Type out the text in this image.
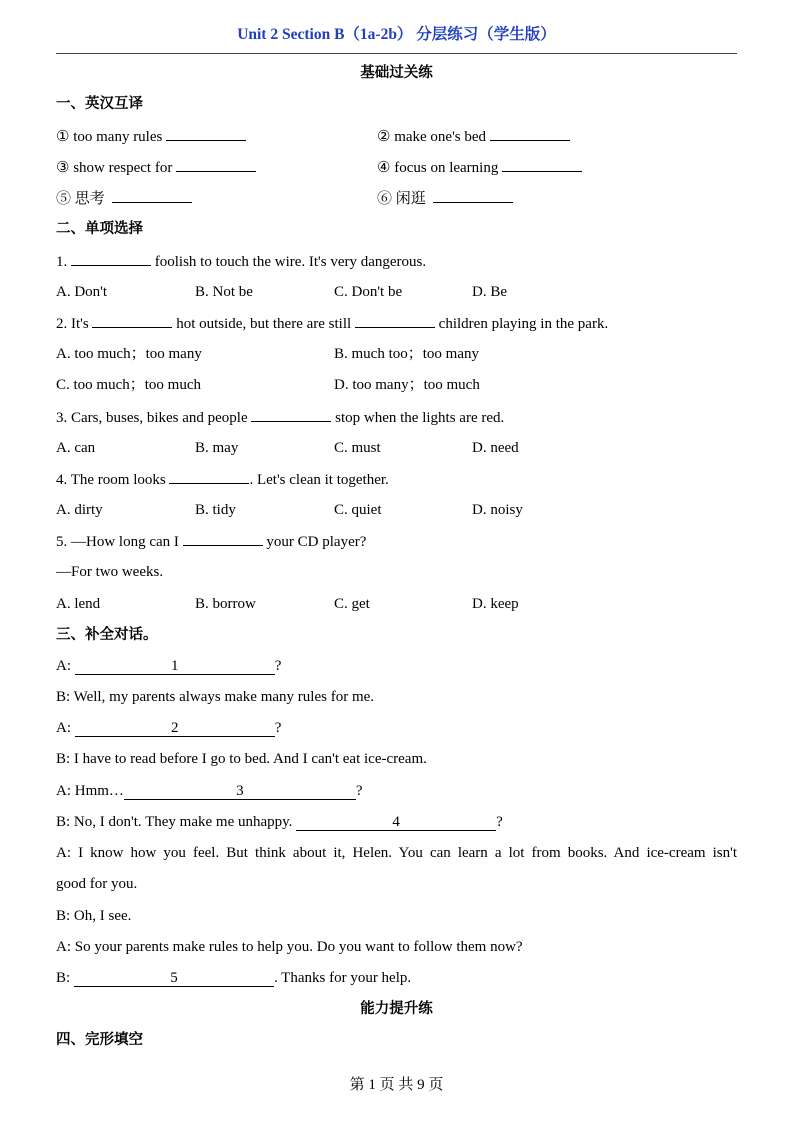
Unit 2 Section B（1a-2b） 分层练习（学生版）
基础过关练
一、英汉互译
① too many rules	② make one's bed
③ show respect for	④ focus on learning
⑤ 思考	⑥ 闲逛
二、单项选择
1.	foolish to touch the wire. It's very dangerous.
A. Don't	B. Not be	C. Don't be	D. Be
2. It's	hot outside, but there are still	children playing in the park.
A. too much；too many	B. much too；too many
C. too much；too much	D. too many；too much
3. Cars, buses, bikes and people	stop when the lights are red.
A. can	B. may	C. must	D. need
4. The room looks	. Let's clean it together.
A. dirty	B. tidy	C. quiet	D. noisy
5. —How long can I	your CD player?
—For two weeks.
A. lend	B. borrow	C. get	D. keep
三、补全对话。
A:	1	?
B: Well, my parents always make many rules for me.
A:	2	?
B: I have to read before I go to bed. And I can't eat ice-cream.
A: Hmm…	3	?
B: No, I don't. They make me unhappy.	4	?
A: I know how you feel. But think about it, Helen. You can learn a lot from books. And ice-cream isn't
good for you.
B: Oh, I see.
A: So your parents make rules to help you. Do you want to follow them now?
B:	5	. Thanks for your help.
能力提升练
四、完形填空
第 1 页 共 9 页
